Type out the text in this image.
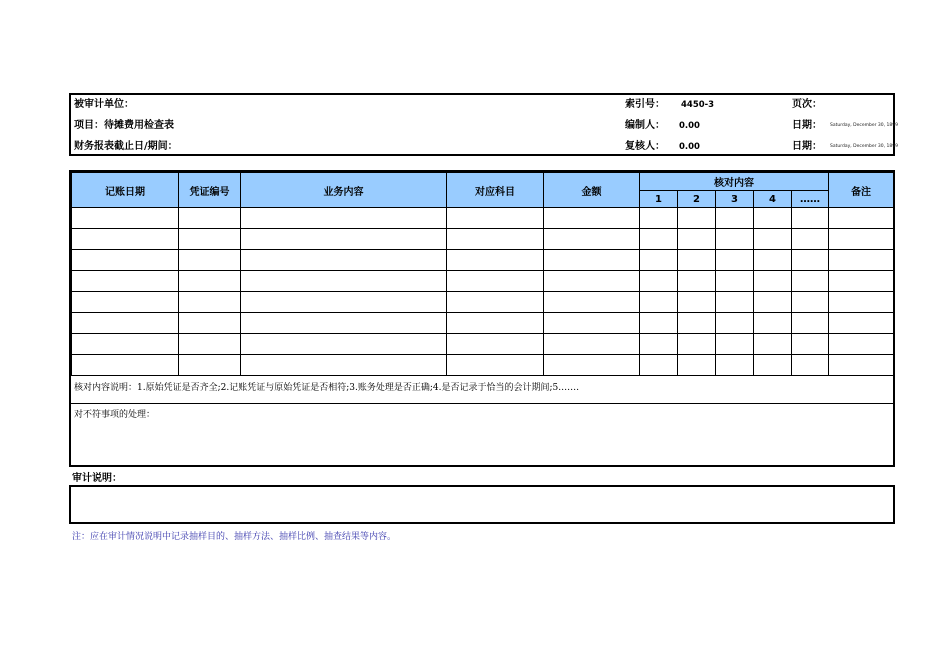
被审计单位：
项目：待摊费用检查表
财务报表截止日/期间：
索引号： 4450-3
编制人： 0.00
复核人： 0.00
页次：
日期： Saturday, December 30, 1899
日期： Saturday, December 30, 1899
记账日期	凭证编号	业务内容	对应科目	金额	核对内容					备注
					1	2	3	4	……	

核对内容说明：1.原始凭证是否齐全;2.记账凭证与原始凭证是否相符;3.账务处理是否正确;4.是否记录于恰当的会计期间;5.……
对不符事项的处理：
审计说明：
注：应在审计情况说明中记录抽样目的、抽样方法、抽样比例、抽查结果等内容。
